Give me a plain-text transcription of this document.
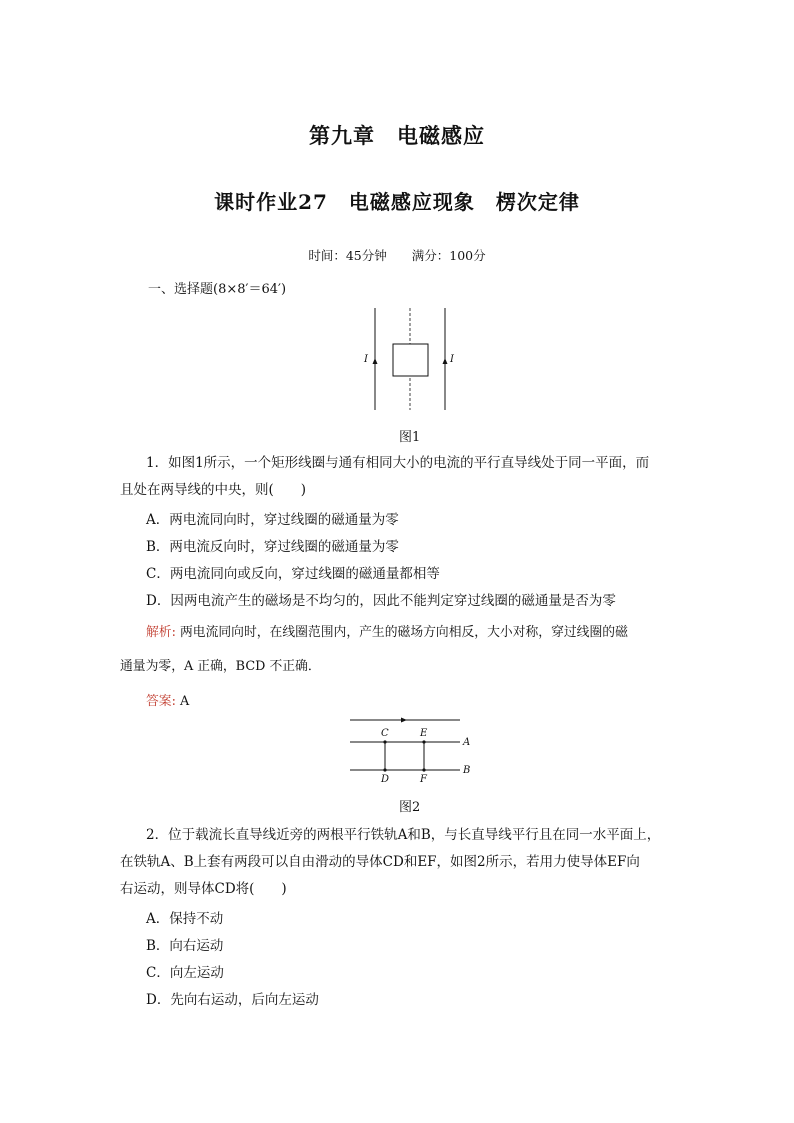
第九章　电磁感应
课时作业27　电磁感应现象　楞次定律
时间：45分钟　　满分：100分
一、选择题(8×8′＝64′)
I	I
图1
1．如图1所示，一个矩形线圈与通有相同大小的电流的平行直导线处于同一平面，而
且处在两导线的中央，则(　　)
A．两电流同向时，穿过线圈的磁通量为零
B．两电流反向时，穿过线圈的磁通量为零
C．两电流同向或反向，穿过线圈的磁通量都相等
D．因两电流产生的磁场是不均匀的，因此不能判定穿过线圈的磁通量是否为零
解析: 两电流同向时，在线圈范围内，产生的磁场方向相反，大小对称，穿过线圈的磁
通量为零，A 正确，BCD 不正确．
答案: A
C	E
D	F
A
B
图2
2．位于载流长直导线近旁的两根平行铁轨A和B，与长直导线平行且在同一水平面上，
在铁轨A、B上套有两段可以自由滑动的导体CD和EF，如图2所示，若用力使导体EF向
右运动，则导体CD将(　　)
A．保持不动
B．向右运动
C．向左运动
D．先向右运动，后向左运动
